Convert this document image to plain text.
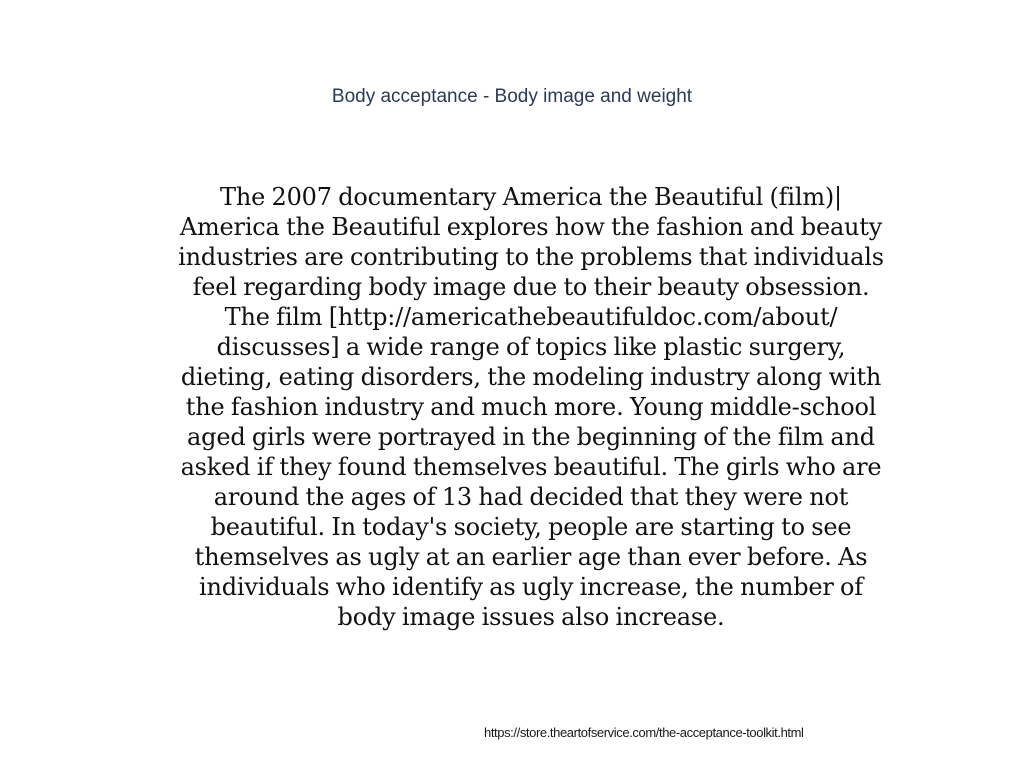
Body acceptance - Body image and weight

The 2007 documentary America the Beautiful (film)|
America the Beautiful explores how the fashion and beauty
industries are contributing to the problems that individuals
feel regarding body image due to their beauty obsession.
The film [http://americathebeautifuldoc.com/about/
discusses] a wide range of topics like plastic surgery,
dieting, eating disorders, the modeling industry along with
the fashion industry and much more. Young middle-school
aged girls were portrayed in the beginning of the film and
asked if they found themselves beautiful. The girls who are
around the ages of 13 had decided that they were not
beautiful. In today's society, people are starting to see
themselves as ugly at an earlier age than ever before. As
individuals who identify as ugly increase, the number of
body image issues also increase.

https://store.theartofservice.com/the-acceptance-toolkit.html
